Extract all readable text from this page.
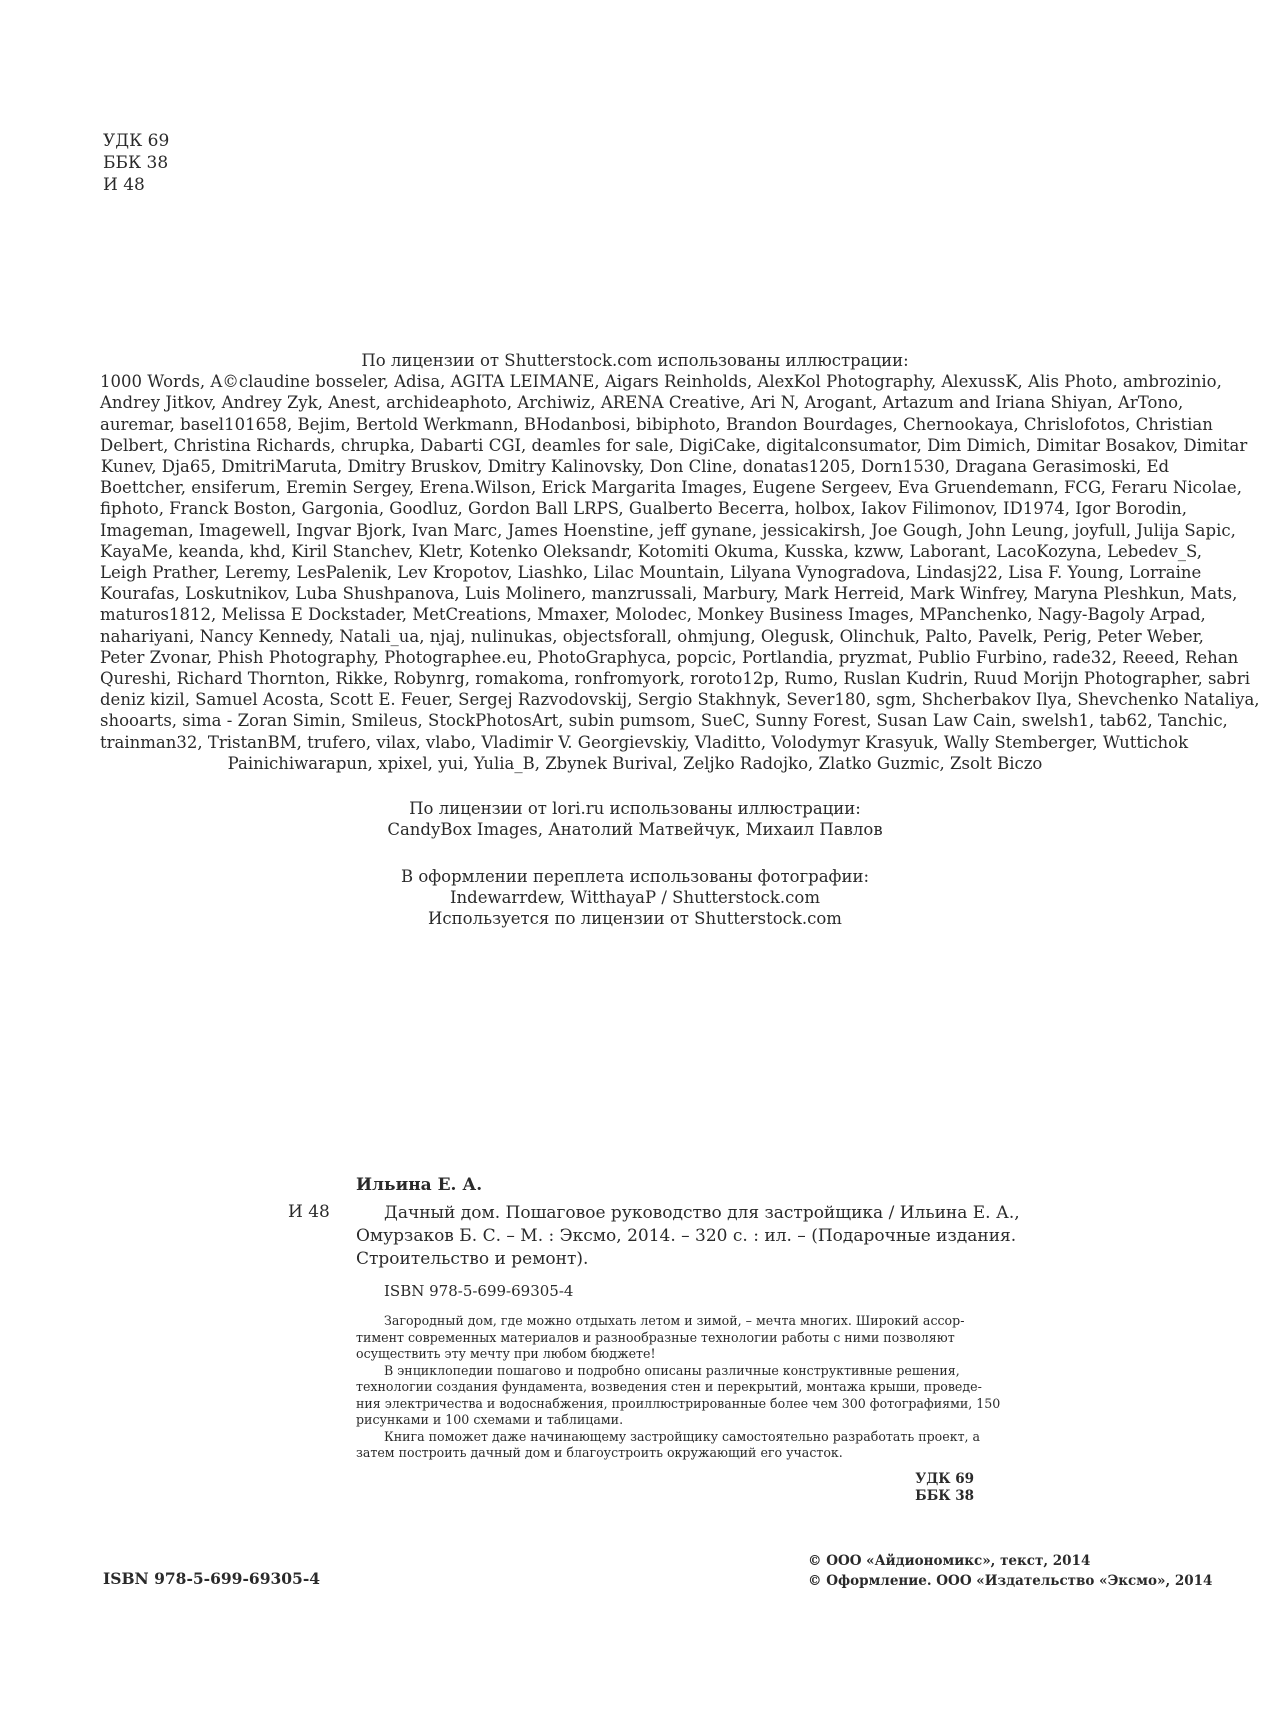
УДК 69
ББК 38
И 48
По лицензии от Shutterstock.com использованы иллюстрации:
1000 Words, A©claudine bosseler, Adisa, AGITA LEIMANE, Aigars Reinholds, AlexKol Photography, AlexussK, Alis Photo, ambrozinio,
Andrey Jitkov, Andrey Zyk, Anest, archideaphoto, Archiwiz, ARENA Creative, Ari N, Arogant, Artazum and Iriana Shiyan, ArTono,
auremar, basel101658, Bejim, Bertold Werkmann, BHodanbosi, bibiphoto, Brandon Bourdages, Chernookaya, Chrislofotos, Christian
Delbert, Christina Richards, chrupka, Dabarti CGI, deamles for sale, DigiCake, digitalconsumator, Dim Dimich, Dimitar Bosakov, Dimitar
Kunev, Dja65, DmitriMaruta, Dmitry Bruskov, Dmitry Kalinovsky, Don Cline, donatas1205, Dorn1530, Dragana Gerasimoski, Ed
Boettcher, ensiferum, Eremin Sergey, Erena.Wilson, Erick Margarita Images, Eugene Sergeev, Eva Gruendemann, FCG, Feraru Nicolae,
fiphoto, Franck Boston, Gargonia, Goodluz, Gordon Ball LRPS, Gualberto Becerra, holbox, Iakov Filimonov, ID1974, Igor Borodin,
Imageman, Imagewell, Ingvar Bjork, Ivan Marc, James Hoenstine, jeff gynane, jessicakirsh, Joe Gough, John Leung, joyfull, Julija Sapic,
KayaMe, keanda, khd, Kiril Stanchev, Kletr, Kotenko Oleksandr, Kotomiti Okuma, Kusska, kzww, Laborant, LacoKozyna, Lebedev_S,
Leigh Prather, Leremy, LesPalenik, Lev Kropotov, Liashko, Lilac Mountain, Lilyana Vynogradova, Lindasj22, Lisa F. Young, Lorraine
Kourafas, Loskutnikov, Luba Shushpanova, Luis Molinero, manzrussali, Marbury, Mark Herreid, Mark Winfrey, Maryna Pleshkun, Mats,
maturos1812, Melissa E Dockstader, MetCreations, Mmaxer, Molodec, Monkey Business Images, MPanchenko, Nagy-Bagoly Arpad,
nahariyani, Nancy Kennedy, Natali_ua, njaj, nulinukas, objectsforall, ohmjung, Olegusk, Olinchuk, Palto, Pavelk, Perig, Peter Weber,
Peter Zvonar, Phish Photography, Photographee.eu, PhotoGraphyca, popcic, Portlandia, pryzmat, Publio Furbino, rade32, Reeed, Rehan
Qureshi, Richard Thornton, Rikke, Robynrg, romakoma, ronfromyork, roroto12p, Rumo, Ruslan Kudrin, Ruud Morijn Photographer, sabri
deniz kizil, Samuel Acosta, Scott E. Feuer, Sergej Razvodovskij, Sergio Stakhnyk, Sever180, sgm, Shcherbakov Ilya, Shevchenko Nataliya,
shooarts, sima - Zoran Simin, Smileus, StockPhotosArt, subin pumsom, SueC, Sunny Forest, Susan Law Cain, swelsh1, tab62, Tanchic,
trainman32, TristanBM, trufero, vilax, vlabo, Vladimir V. Georgievskiy, Vladitto, Volodymyr Krasyuk, Wally Stemberger, Wuttichok
Painichiwarapun, xpixel, yui, Yulia_B, Zbynek Burival, Zeljko Radojko, Zlatko Guzmic, Zsolt Biczo
По лицензии от lori.ru использованы иллюстрации:
CandyBox Images, Анатолий Матвейчук, Михаил Павлов
В оформлении переплета использованы фотографии:
Indewarrdew, WitthayaP / Shutterstock.com
Используется по лицензии от Shutterstock.com
Ильина Е. А.
И 48	Дачный дом. Пошаговое руководство для застройщика / Ильина Е. А.,
Омурзаков Б. С. – М. : Эксмо, 2014. – 320 с. : ил. – (Подарочные издания.
Строительство и ремонт).
ISBN 978-5-699-69305-4
Загородный дом, где можно отдыхать летом и зимой, – мечта многих. Широкий ассор-
тимент современных материалов и разнообразные технологии работы с ними позволяют
осуществить эту мечту при любом бюджете!
В энциклопедии пошагово и подробно описаны различные конструктивные решения,
технологии создания фундамента, возведения стен и перекрытий, монтажа крыши, проведе-
ния электричества и водоснабжения, проиллюстрированные более чем 300 фотографиями, 150
рисунками и 100 схемами и таблицами.
Книга поможет даже начинающему застройщику самостоятельно разработать проект, а
затем построить дачный дом и благоустроить окружающий его участок.
УДК 69
ББК 38
© ООО «Айдиономикс», текст, 2014
© Оформление. ООО «Издательство «Эксмо», 2014
ISBN 978-5-699-69305-4
